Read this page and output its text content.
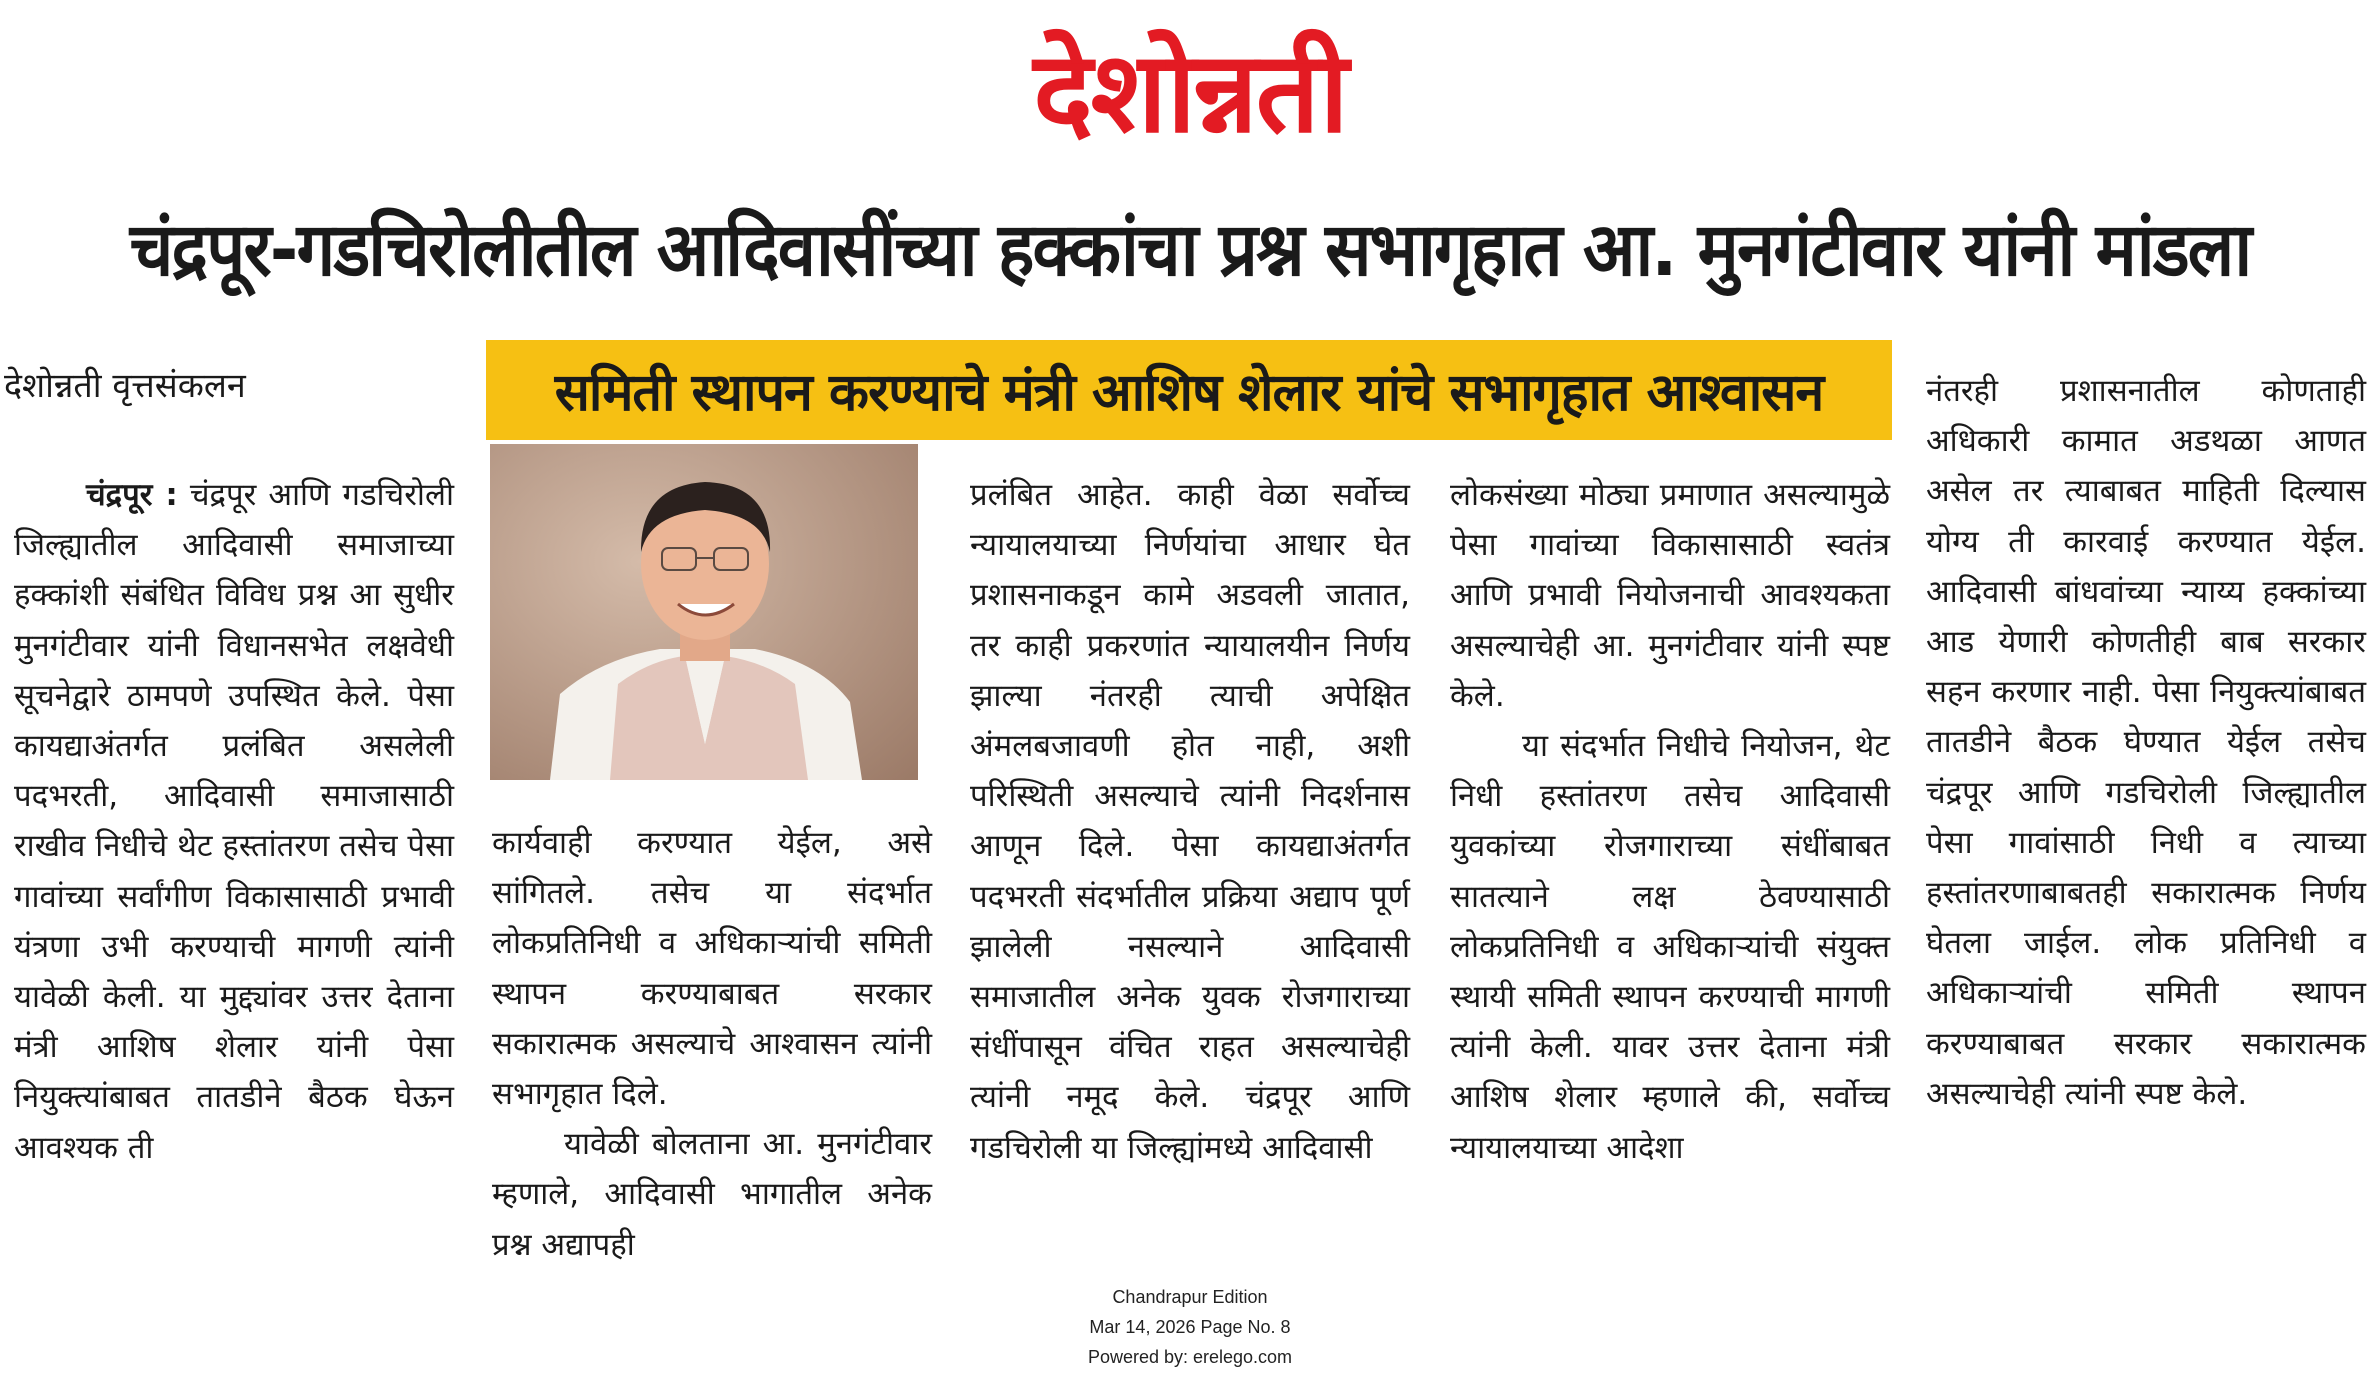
देशोन्नती
चंद्रपूर-गडचिरोलीतील आदिवासींच्या हक्कांचा प्रश्न सभागृहात आ. मुनगंटीवार यांनी मांडला
समिती स्थापन करण्याचे मंत्री आशिष शेलार यांचे सभागृहात आश्वासन
देशोन्नती वृत्तसंकलन

चंद्रपूर : चंद्रपूर आणि गडचिरोली जिल्ह्यातील आदिवासी समाजाच्या हक्कांशी संबंधित विविध प्रश्न आ सुधीर मुनगंटीवार यांनी विधानसभेत लक्षवेधी सूचनेद्वारे ठामपणे उपस्थित केले. पेसा कायद्याअंतर्गत प्रलंबित असलेली पदभरती, आदिवासी समाजासाठी राखीव निधीचे थेट हस्तांतरण तसेच पेसा गावांच्या सर्वांगीण विकासासाठी प्रभावी यंत्रणा उभी करण्याची मागणी त्यांनी यावेळी केली. या मुद्द्यांवर उत्तर देताना मंत्री आशिष शेलार यांनी पेसा नियुक्त्यांबाबत तातडीने बैठक घेऊन आवश्यक ती

कार्यवाही करण्यात येईल, असे सांगितले. तसेच या संदर्भात लोकप्रतिनिधी व अधिकाऱ्यांची समिती स्थापन करण्याबाबत सरकार सकारात्मक असल्याचे आश्वासन त्यांनी सभागृहात दिले.

यावेळी बोलताना आ. मुनगंटीवार म्हणाले, आदिवासी भागातील अनेक प्रश्न अद्यापही

प्रलंबित आहेत. काही वेळा सर्वोच्च न्यायालयाच्या निर्णयांचा आधार घेत प्रशासनाकडून कामे अडवली जातात, तर काही प्रकरणांत न्यायालयीन निर्णय झाल्या नंतरही त्याची अपेक्षित अंमलबजावणी होत नाही, अशी परिस्थिती असल्याचे त्यांनी निदर्शनास आणून दिले. पेसा कायद्याअंतर्गत पदभरती संदर्भातील प्रक्रिया अद्याप पूर्ण झालेली नसल्याने आदिवासी समाजातील अनेक युवक रोजगाराच्या संधींपासून वंचित राहत असल्याचेही त्यांनी नमूद केले. चंद्रपूर आणि गडचिरोली या जिल्ह्यांमध्ये आदिवासी

लोकसंख्या मोठ्या प्रमाणात असल्यामुळे पेसा गावांच्या विकासासाठी स्वतंत्र आणि प्रभावी नियोजनाची आवश्यकता असल्याचेही आ. मुनगंटीवार यांनी स्पष्ट केले.

या संदर्भात निधीचे नियोजन, थेट निधी हस्तांतरण तसेच आदिवासी युवकांच्या रोजगाराच्या संधींबाबत सातत्याने लक्ष ठेवण्यासाठी लोकप्रतिनिधी व अधिकाऱ्यांची संयुक्त स्थायी समिती स्थापन करण्याची मागणी त्यांनी केली. यावर उत्तर देताना मंत्री आशिष शेलार म्हणाले की, सर्वोच्च न्यायालयाच्या आदेशा

नंतरही प्रशासनातील कोणताही अधिकारी कामात अडथळा आणत असेल तर त्याबाबत माहिती दिल्यास योग्य ती कारवाई करण्यात येईल. आदिवासी बांधवांच्या न्याय्य हक्कांच्या आड येणारी कोणतीही बाब सरकार सहन करणार नाही. पेसा नियुक्त्यांबाबत तातडीने बैठक घेण्यात येईल तसेच चंद्रपूर आणि गडचिरोली जिल्ह्यातील पेसा गावांसाठी निधी व त्याच्या हस्तांतरणाबाबतही सकारात्मक निर्णय घेतला जाईल. लोक प्रतिनिधी व अधिकाऱ्यांची समिती स्थापन करण्याबाबत सरकार सकारात्मक असल्याचेही त्यांनी स्पष्ट केले.

Chandrapur Edition
Mar 14, 2026 Page No. 8
Powered by: erelego.com
